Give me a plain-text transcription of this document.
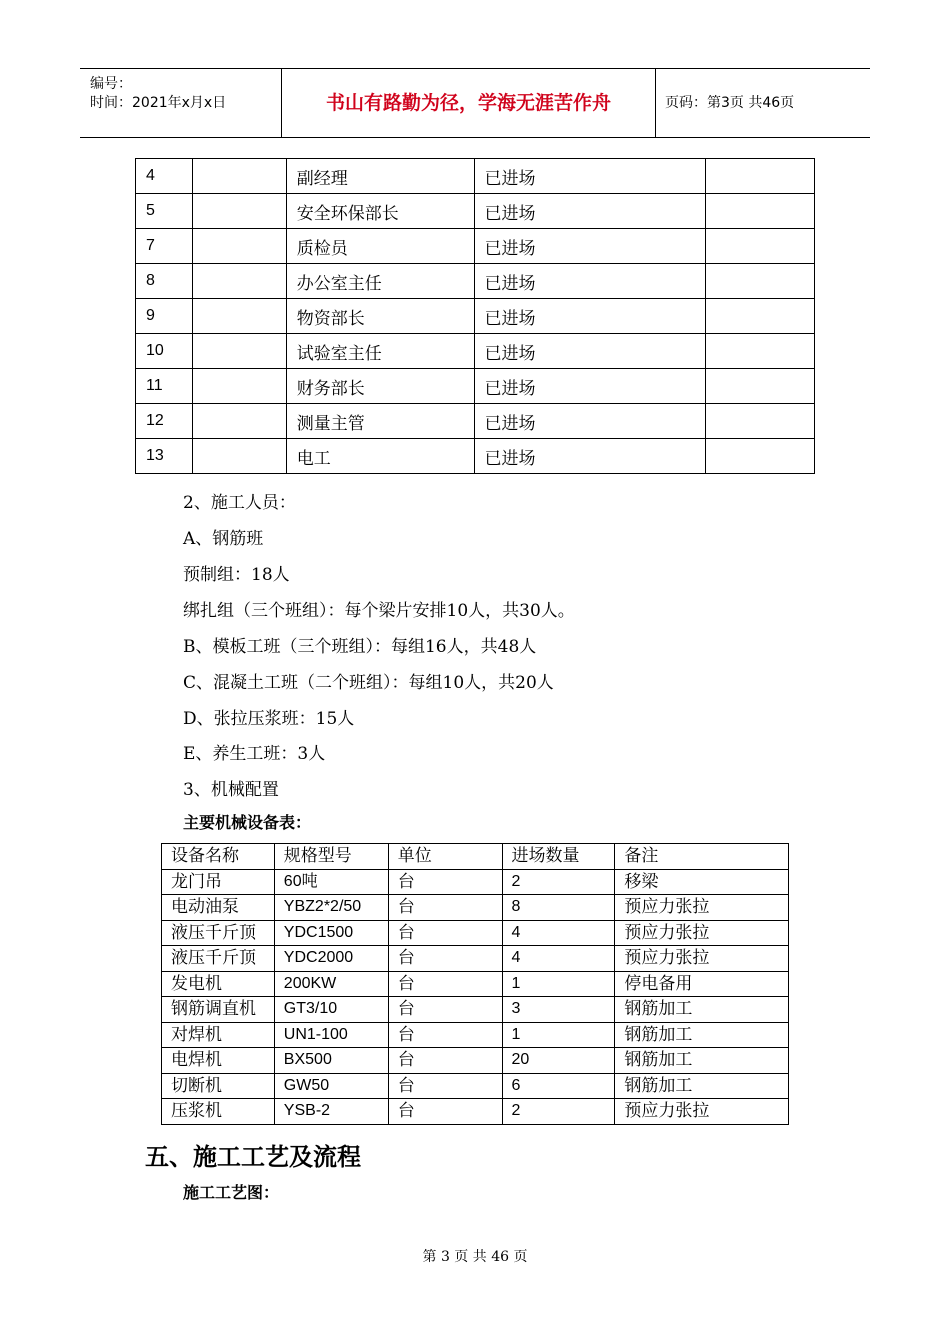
编号：
时间：2021年x月x日	书山有路勤为径，学海无涯苦作舟	页码：第3页 共46页
4		副经理	已进场	
5		安全环保部长	已进场	
7		质检员	已进场	
8		办公室主任	已进场	
9		物资部长	已进场	
10		试验室主任	已进场	
11		财务部长	已进场	
12		测量主管	已进场	
13		电工	已进场	
2、施工人员：
A、钢筋班
预制组：18人
绑扎组（三个班组）：每个梁片安排10人，共30人。
B、模板工班（三个班组）：每组16人，共48人
C、混凝土工班（二个班组）：每组10人，共20人
D、张拉压浆班：15人
E、养生工班：3人
3、机械配置
主要机械设备表：
设备名称	规格型号	单位	进场数量	备注
龙门吊	60吨	台	2	移梁
电动油泵	YBZ2*2/50	台	8	预应力张拉
液压千斤顶	YDC1500	台	4	预应力张拉
液压千斤顶	YDC2000	台	4	预应力张拉
发电机	200KW	台	1	停电备用
钢筋调直机	GT3/10	台	3	钢筋加工
对焊机	UN1-100	台	1	钢筋加工
电焊机	BX500	台	20	钢筋加工
切断机	GW50	台	6	钢筋加工
压浆机	YSB-2	台	2	预应力张拉
五、施工工艺及流程
施工工艺图：
第 3 页 共 46 页
